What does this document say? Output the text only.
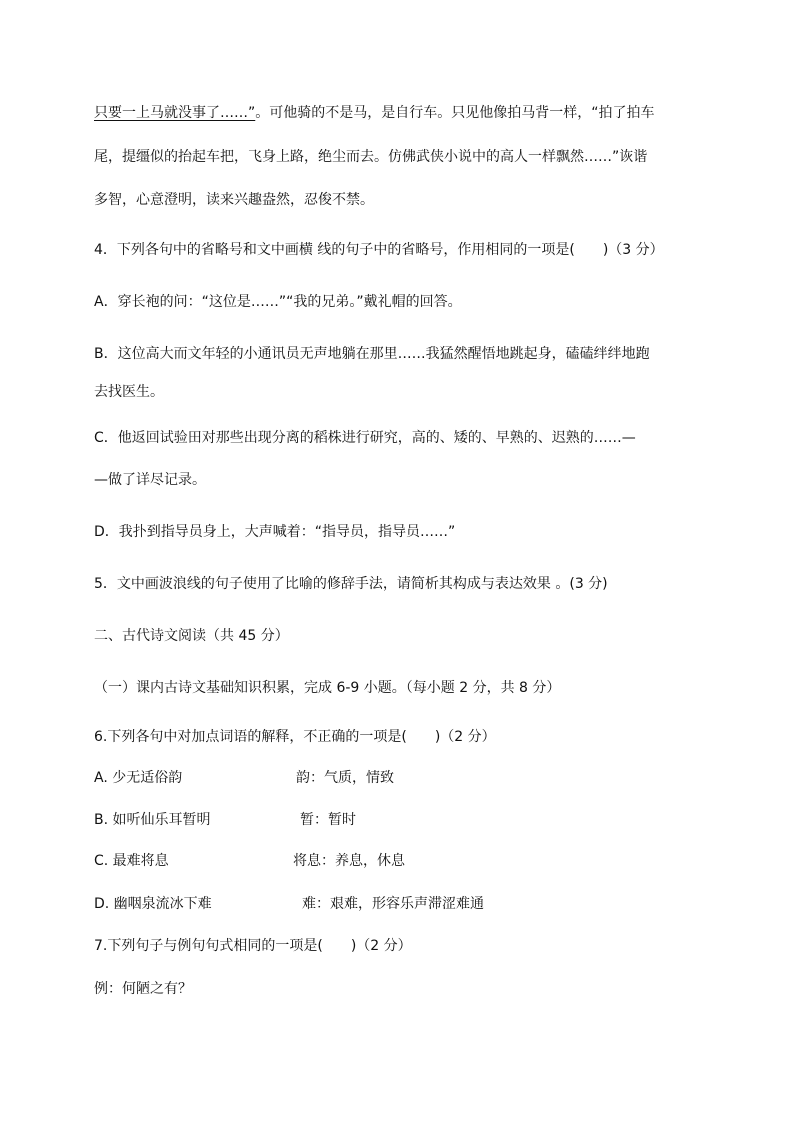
只要一上马就没事了……”。可他骑的不是马，是自行车。只见他像拍马背一样，“拍了拍车
尾，提缰似的抬起车把，飞身上路，绝尘而去。仿佛武侠小说中的高人一样飘然……”诙谐
多智，心意澄明，读来兴趣盎然，忍俊不禁。
4．下列各句中的省略号和文中画横 线的句子中的省略号，作用相同的一项是(　　)（3 分）
A．穿长袍的问：“这位是……”“我的兄弟。”戴礼帽的回答。
B．这位高大而文年轻的小通讯员无声地躺在那里……我猛然醒悟地跳起身，磕磕绊绊地跑
去找医生。
C．他返回试验田对那些出现分离的稻株进行研究，高的、矮的、早熟的、迟熟的……—
—做了详尽记录。
D．我扑到指导员身上，大声喊着：“指导员，指导员……”
5．文中画波浪线的句子使用了比喻的修辞手法，请简析其构成与表达效果 。(3 分)
二、古代诗文阅读（共 45 分）
（一）课内古诗文基础知识积累，完成 6-9 小题。（每小题 2 分，共 8 分）
6.下列各句中对加点词语的解释，不正确的一项是(　　)（2 分）
A. 少无适俗韵	韵：气质，情致
B. 如听仙乐耳暂明	暂：暂时
C. 最难将息	将息：养息，休息
D. 幽咽泉流冰下难	难：艰难，形容乐声滞涩难通
7.下列句子与例句句式相同的一项是(　　)（2 分）
例：何陋之有？
